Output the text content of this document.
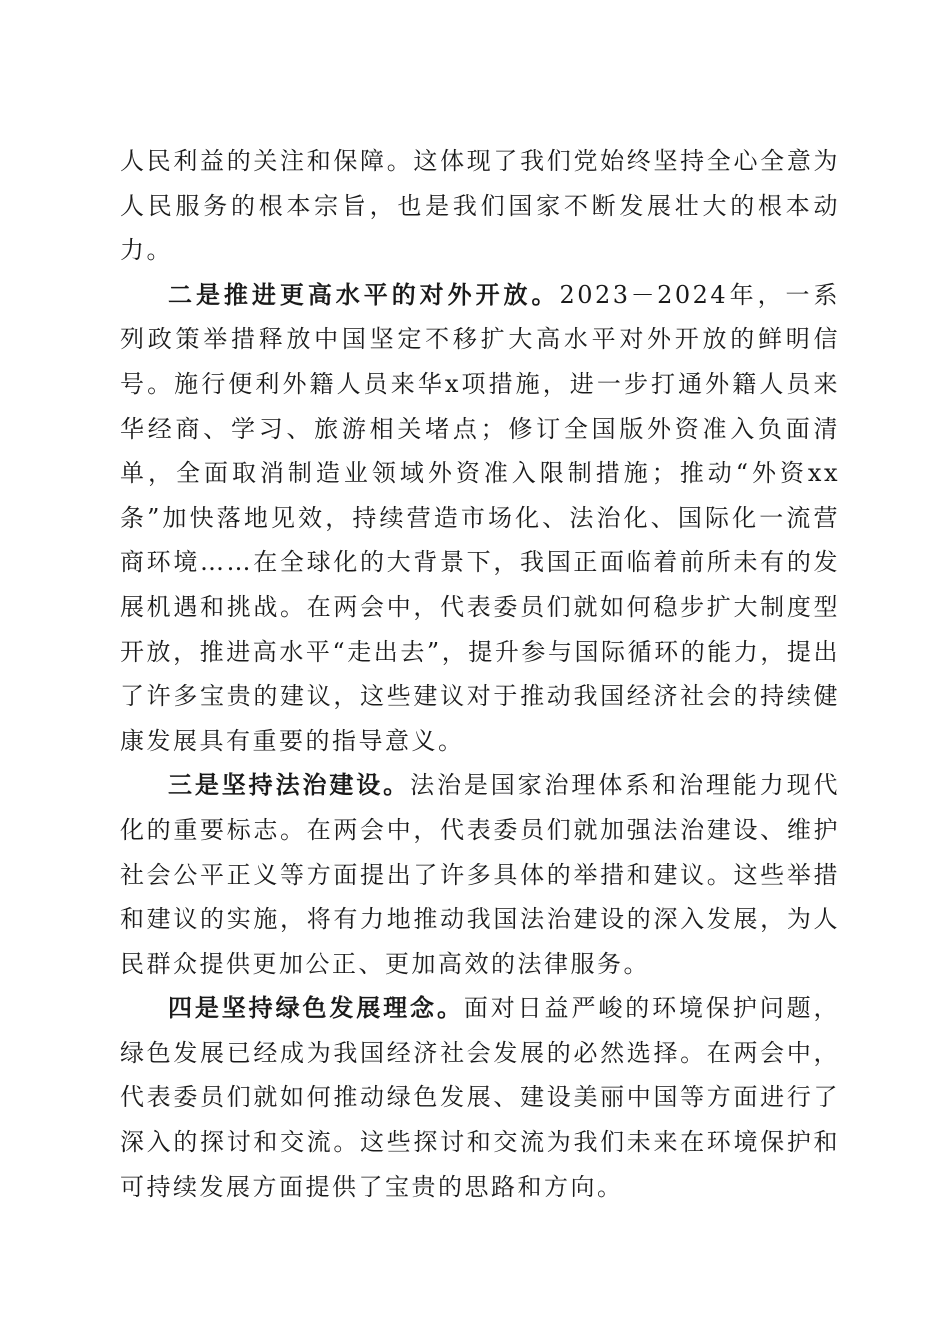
人民利益的关注和保障。这体现了我们党始终坚持全心全意为人民服务的根本宗旨，也是我们国家不断发展壮大的根本动力。

二是推进更高水平的对外开放。2023－2024年，一系列政策举措释放中国坚定不移扩大高水平对外开放的鲜明信号。施行便利外籍人员来华x项措施，进一步打通外籍人员来华经商、学习、旅游相关堵点；修订全国版外资准入负面清单，全面取消制造业领域外资准入限制措施；推动“外资xx条”加快落地见效，持续营造市场化、法治化、国际化一流营商环境……在全球化的大背景下，我国正面临着前所未有的发展机遇和挑战。在两会中，代表委员们就如何稳步扩大制度型开放，推进高水平“走出去”，提升参与国际循环的能力，提出了许多宝贵的建议，这些建议对于推动我国经济社会的持续健康发展具有重要的指导意义。

三是坚持法治建设。法治是国家治理体系和治理能力现代化的重要标志。在两会中，代表委员们就加强法治建设、维护社会公平正义等方面提出了许多具体的举措和建议。这些举措和建议的实施，将有力地推动我国法治建设的深入发展，为人民群众提供更加公正、更加高效的法律服务。

四是坚持绿色发展理念。面对日益严峻的环境保护问题，绿色发展已经成为我国经济社会发展的必然选择。在两会中，代表委员们就如何推动绿色发展、建设美丽中国等方面进行了深入的探讨和交流。这些探讨和交流为我们未来在环境保护和可持续发展方面提供了宝贵的思路和方向。
